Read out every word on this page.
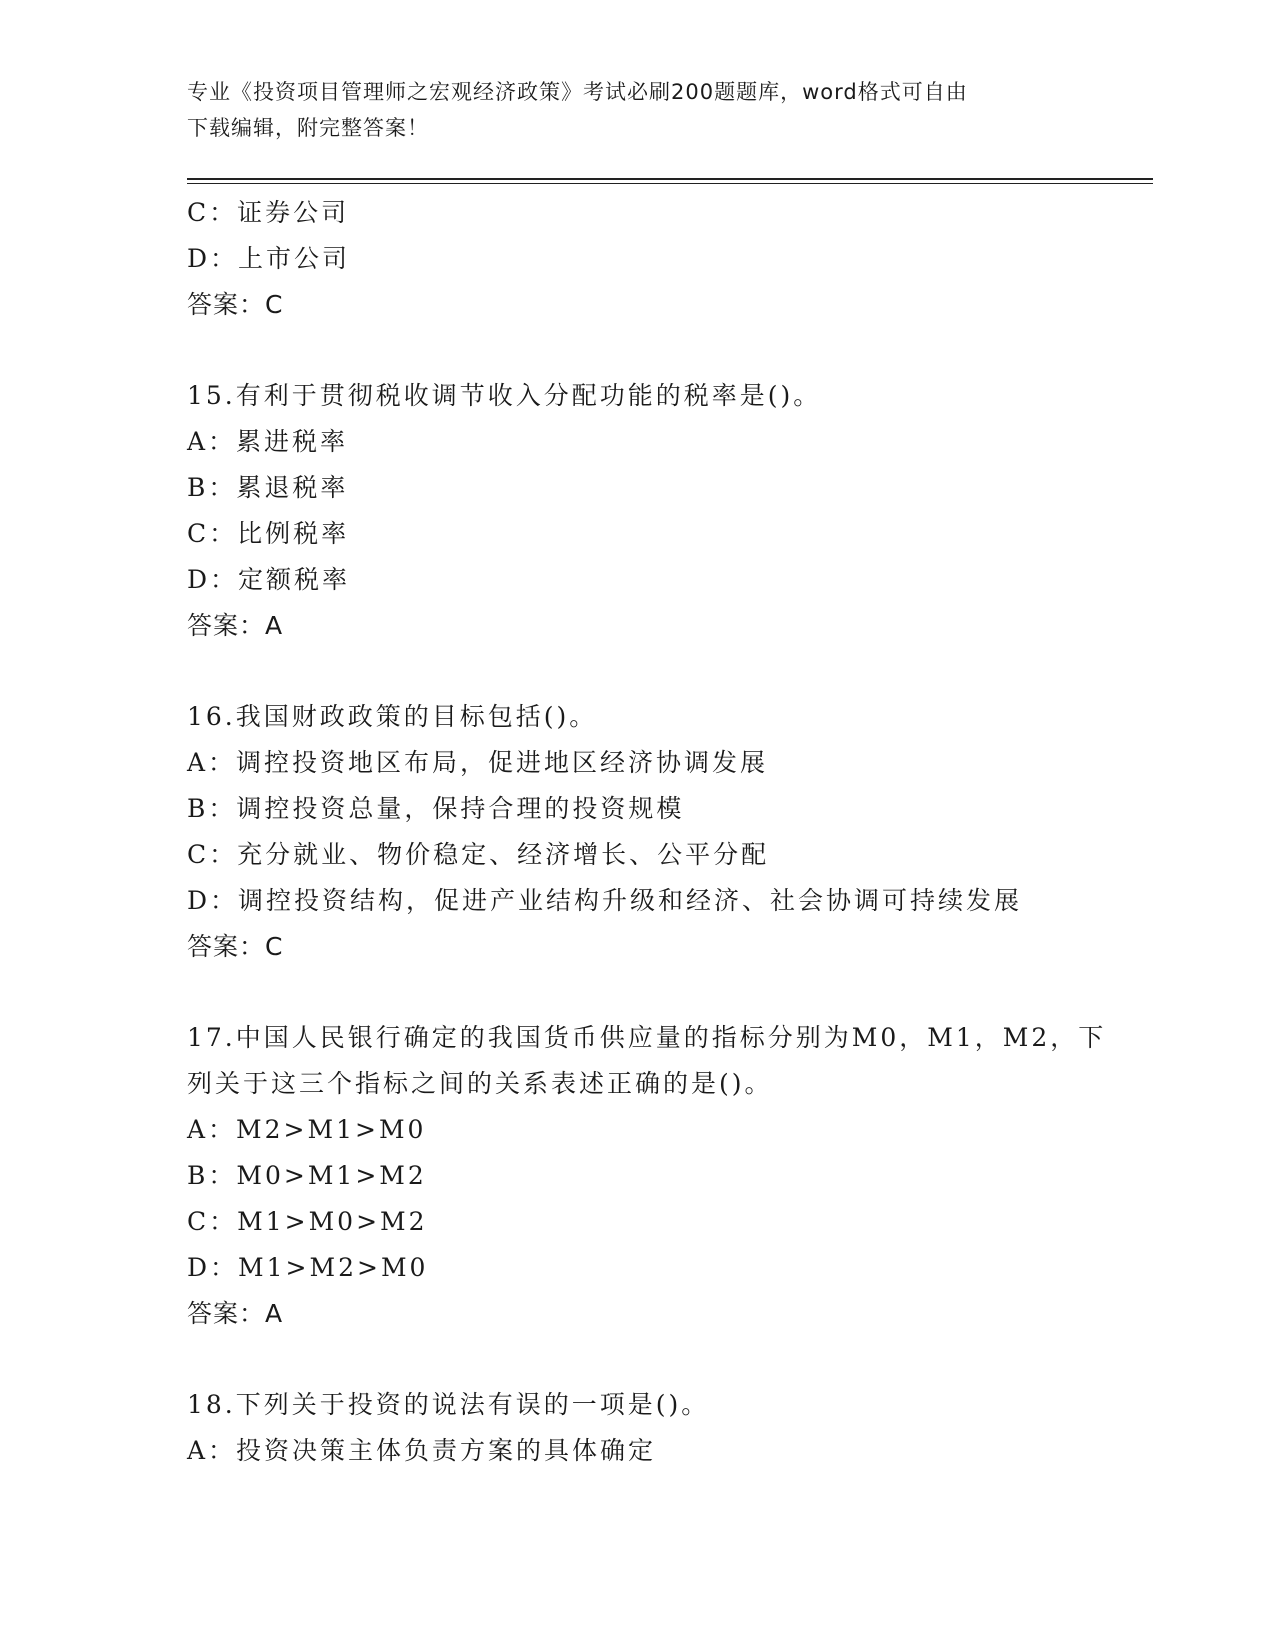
专业《投资项目管理师之宏观经济政策》考试必刷200题题库，word格式可自由
下载编辑，附完整答案！
C：证券公司
D：上市公司
答案：C
15.有利于贯彻税收调节收入分配功能的税率是()。
A：累进税率
B：累退税率
C：比例税率
D：定额税率
答案：A
16.我国财政政策的目标包括()。
A：调控投资地区布局，促进地区经济协调发展
B：调控投资总量，保持合理的投资规模
C：充分就业、物价稳定、经济增长、公平分配
D：调控投资结构，促进产业结构升级和经济、社会协调可持续发展
答案：C
17.中国人民银行确定的我国货币供应量的指标分别为M0，M1，M2，下
列关于这三个指标之间的关系表述正确的是()。
A：M2>M1>M0
B：M0>M1>M2
C：M1>M0>M2
D：M1>M2>M0
答案：A
18.下列关于投资的说法有误的一项是()。
A：投资决策主体负责方案的具体确定
